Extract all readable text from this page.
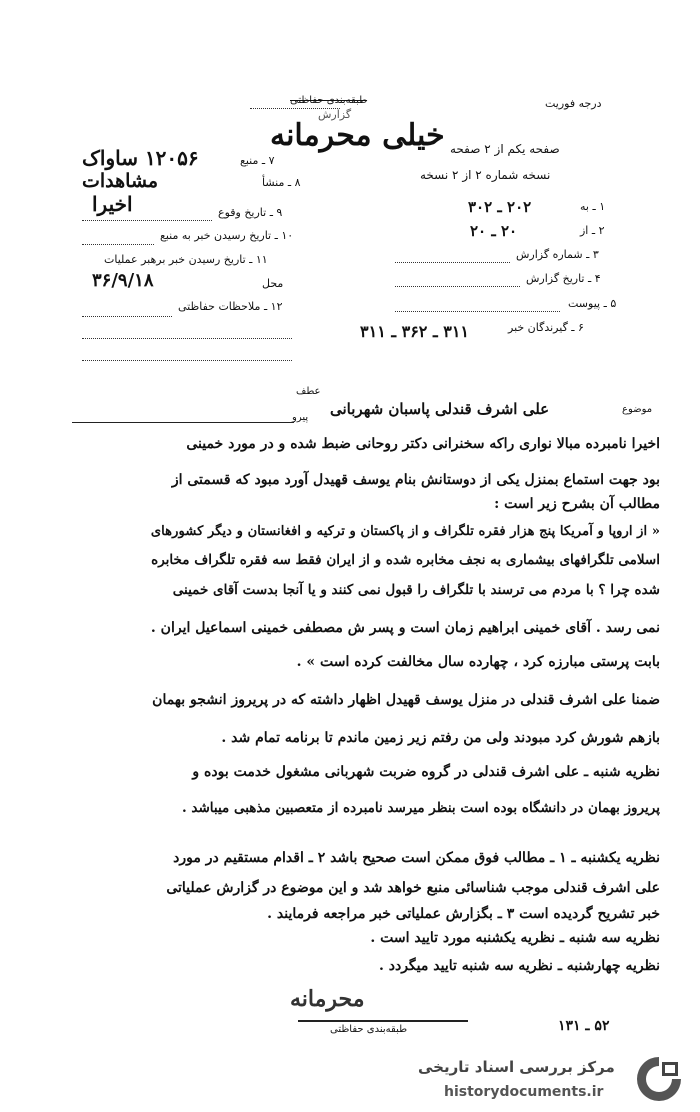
طبقه‌بندی حفاظتی	درجه فوریت
خیلی محرمانه
گزارش
صفحه یکم از ۲ صفحه
نسخه شماره ۲ از ۲ نسخه
۱۲۰۵۶ ساواک	۷ ـ منبع
مشاهدات	۸ ـ منشأ
اخیرا	۹ ـ تاریخ وقوع
۱۰ ـ تاریخ رسیدن خبر به منبع
۱۱ ـ تاریخ رسیدن خبر برهبر عملیات
۳۶/۹/۱۸	محل
۱۲ ـ ملاحظات حفاظتی
۲۰۲ ـ ۳۰۲	۱ ـ به
۲۰ ـ ۲۰	۲ ـ از
۳ ـ شماره گزارش
۴ ـ تاریخ گزارش
۵ ـ پیوست
۳۱۱ ـ ۳۶۲ ـ ۳۱۱	۶ ـ گیرندگان خبر
عطف
پیرو علی اشرف قندلی پاسبان شهربانی	موضوع
اخیرا نامبرده مبالا نواری راکه سخنرانی دکتر روحانی ضبط شده و در مورد خمینی
بود جهت استماع بمنزل یکی از دوستانش بنام یوسف قهیدل آورد مبود که قسمتی از
مطالب آن بشرح زیر است :
« از اروپا و آمریکا پنج هزار فقره تلگراف و از پاکستان و ترکیه و افغانستان و دیگر کشورهای
اسلامی تلگرافهای بیشماری به نجف مخابره شده و از ایران فقط سه فقره تلگراف مخابره
شده چرا ؟ با مردم می ترسند با تلگراف را قبول نمی کنند و یا آنجا بدست آقای خمینی
نمی رسد . آقای خمینی ابراهیم زمان است و پسر ش مصطفی خمینی اسماعیل ایران .
بابت پرستی مبارزه کرد ، چهارده سال مخالفت کرده است » .
ضمنا علی اشرف قندلی در منزل یوسف قهیدل اظهار داشته که در پریروز انشجو بهمان
بازهم شورش کرد مبودند ولی من رفتم زیر زمین ماندم تا برنامه تمام شد .
نظریه شنبه ـ علی اشرف قندلی در گروه ضربت شهربانی مشغول خدمت بوده و
پریروز بهمان در دانشگاه بوده است بنظر میرسد نامبرده از متعصبین مذهبی میباشد .
نظریه یکشنبه ـ ۱ ـ مطالب فوق ممکن است صحیح باشد ۲ ـ اقدام مستقیم در مورد
علی اشرف قندلی موجب شناسائی منبع خواهد شد و این موضوع در گزارش عملیاتی
خبر تشریح گردیده است ۳ ـ بگزارش عملیاتی خبر مراجعه فرمایند .
نظریه سه شنبه ـ نظریه یکشنبه مورد تایید است .
نظریه چهارشنبه ـ نظریه سه شنبه تایید میگردد .
محرمانه
طبقه‌بندی حفاظتی	۵۲ ـ ۱۳۱
مرکز بررسی اسناد تاریخی
historydocuments.ir
